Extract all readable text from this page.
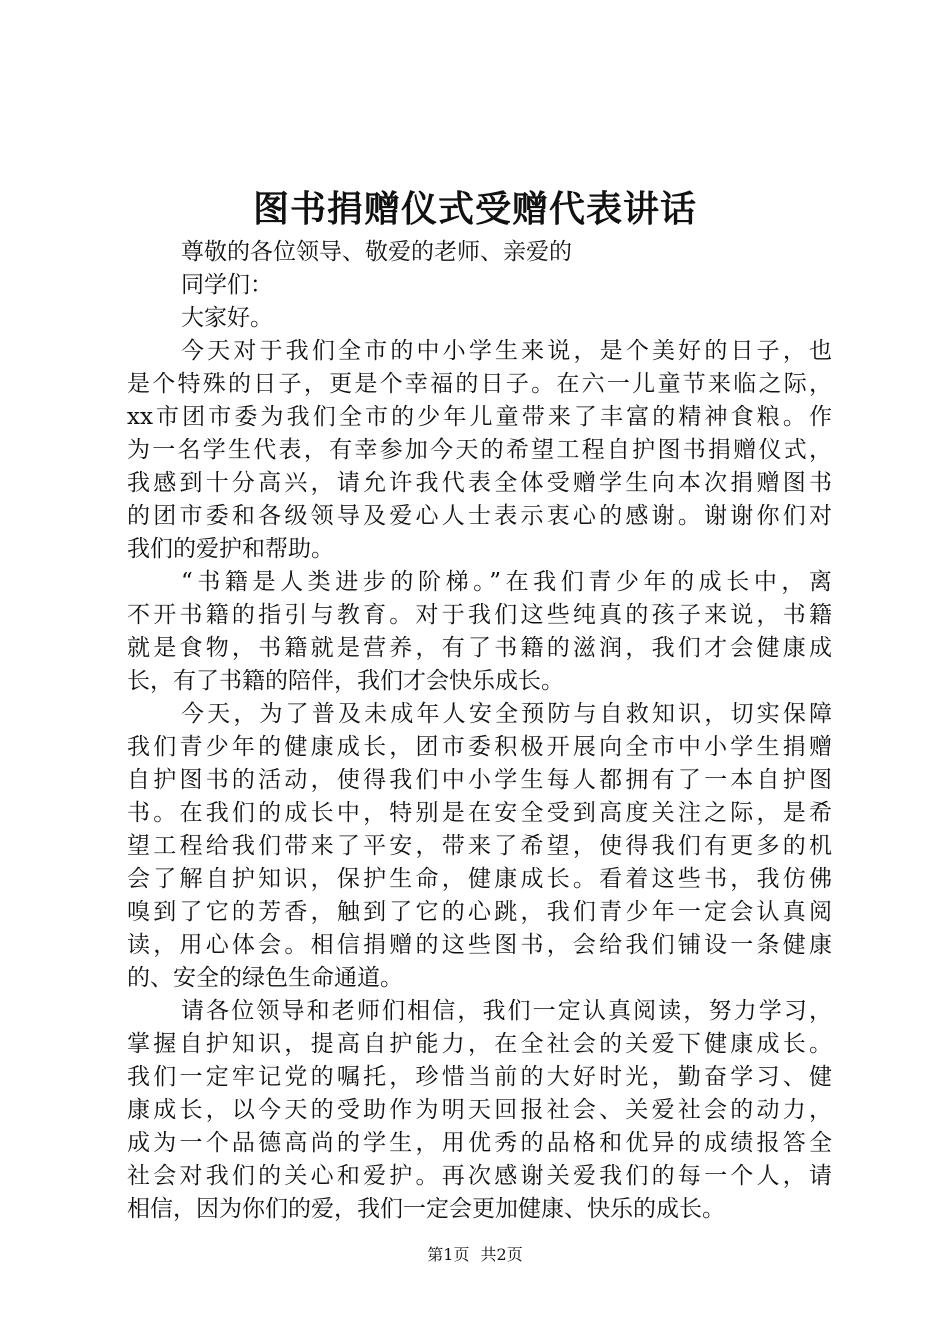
图书捐赠仪式受赠代表讲话
尊敬的各位领导、敬爱的老师、亲爱的
同学们：
大家好。
今天对于我们全市的中小学生来说，是个美好的日子，也
是个特殊的日子，更是个幸福的日子。在六一儿童节来临之际，
xx市团市委为我们全市的少年儿童带来了丰富的精神食粮。作
为一名学生代表，有幸参加今天的希望工程自护图书捐赠仪式，
我感到十分高兴，请允许我代表全体受赠学生向本次捐赠图书
的团市委和各级领导及爱心人士表示衷心的感谢。谢谢你们对
我们的爱护和帮助。
“书籍是人类进步的阶梯。”在我们青少年的成长中，离
不开书籍的指引与教育。对于我们这些纯真的孩子来说，书籍
就是食物，书籍就是营养，有了书籍的滋润，我们才会健康成
长，有了书籍的陪伴，我们才会快乐成长。
今天，为了普及未成年人安全预防与自救知识，切实保障
我们青少年的健康成长，团市委积极开展向全市中小学生捐赠
自护图书的活动，使得我们中小学生每人都拥有了一本自护图
书。在我们的成长中，特别是在安全受到高度关注之际，是希
望工程给我们带来了平安，带来了希望，使得我们有更多的机
会了解自护知识，保护生命，健康成长。看着这些书，我仿佛
嗅到了它的芳香，触到了它的心跳，我们青少年一定会认真阅
读，用心体会。相信捐赠的这些图书，会给我们铺设一条健康
的、安全的绿色生命通道。
请各位领导和老师们相信，我们一定认真阅读，努力学习，
掌握自护知识，提高自护能力，在全社会的关爱下健康成长。
我们一定牢记党的嘱托，珍惜当前的大好时光，勤奋学习、健
康成长，以今天的受助作为明天回报社会、关爱社会的动力，
成为一个品德高尚的学生，用优秀的品格和优异的成绩报答全
社会对我们的关心和爱护。再次感谢关爱我们的每一个人，请
相信，因为你们的爱，我们一定会更加健康、快乐的成长。
第1页 共2页
